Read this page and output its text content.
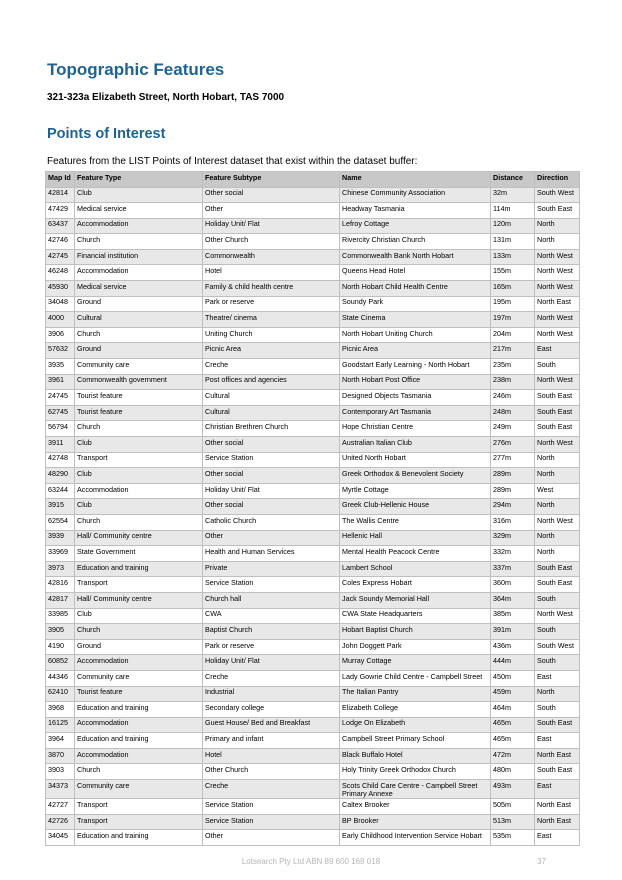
Topographic Features

321-323a Elizabeth Street, North Hobart, TAS 7000

Points of Interest

Features from the LIST Points of Interest dataset that exist within the dataset buffer:

Map Id	Feature Type	Feature Subtype	Name	Distance	Direction
42814	Club	Other social	Chinese Community Association	32m	South West
47429	Medical service	Other	Headway Tasmania	114m	South East
63437	Accommodation	Holiday Unit/ Flat	Lefroy Cottage	120m	North
42746	Church	Other Church	Rivercity Christian Church	131m	North
42745	Financial institution	Commonwealth	Commonwealth Bank North Hobart	133m	North West
46248	Accommodation	Hotel	Queens Head Hotel	155m	North West
45930	Medical service	Family & child health centre	North Hobart Child Health Centre	165m	North West
34048	Ground	Park or reserve	Soundy Park	195m	North East
4000	Cultural	Theatre/ cinema	State Cinema	197m	North West
3906	Church	Uniting Church	North Hobart Uniting Church	204m	North West
57632	Ground	Picnic Area	Picnic Area	217m	East
3935	Community care	Creche	Goodstart Early Learning - North Hobart	235m	South
3961	Commonwealth government	Post offices and agencies	North Hobart Post Office	238m	North West
24745	Tourist feature	Cultural	Designed Objects Tasmania	246m	South East
62745	Tourist feature	Cultural	Contemporary Art Tasmania	248m	South East
56794	Church	Christian Brethren Church	Hope Christian Centre	249m	South East
3911	Club	Other social	Australian Italian Club	276m	North West
42748	Transport	Service Station	United North Hobart	277m	North
48290	Club	Other social	Greek Orthodox & Benevolent Society	289m	North
63244	Accommodation	Holiday Unit/ Flat	Myrtle Cottage	289m	West
3915	Club	Other social	Greek Club-Hellenic House	294m	North
62554	Church	Catholic Church	The Wallis Centre	316m	North West
3939	Hall/ Community centre	Other	Hellenic Hall	329m	North
33969	State Government	Health and Human Services	Mental Health Peacock Centre	332m	North
3973	Education and training	Private	Lambert School	337m	South East
42816	Transport	Service Station	Coles Express Hobart	360m	South East
42817	Hall/ Community centre	Church hall	Jack Soundy Memorial Hall	364m	South
33985	Club	CWA	CWA State Headquarters	385m	North West
3905	Church	Baptist Church	Hobart Baptist Church	391m	South
4190	Ground	Park or reserve	John Doggett Park	436m	South West
60852	Accommodation	Holiday Unit/ Flat	Murray Cottage	444m	South
44346	Community care	Creche	Lady Gowrie Child Centre - Campbell Street	450m	East
62410	Tourist feature	Industrial	The Italian Pantry	459m	North
3968	Education and training	Secondary college	Elizabeth College	464m	South
16125	Accommodation	Guest House/ Bed and Breakfast	Lodge On Elizabeth	465m	South East
3964	Education and training	Primary and infant	Campbell Street Primary School	465m	East
3870	Accommodation	Hotel	Black Buffalo Hotel	472m	North East
3903	Church	Other Church	Holy Trinity Greek Orthodox Church	480m	South East
34373	Community care	Creche	Scots Child Care Centre - Campbell Street Primary Annexe	493m	East
42727	Transport	Service Station	Caltex Brooker	505m	North East
42726	Transport	Service Station	BP Brooker	513m	North East
34045	Education and training	Other	Early Childhood Intervention Service Hobart	535m	East

Lotsearch Pty Ltd ABN 89 600 168 018	37
